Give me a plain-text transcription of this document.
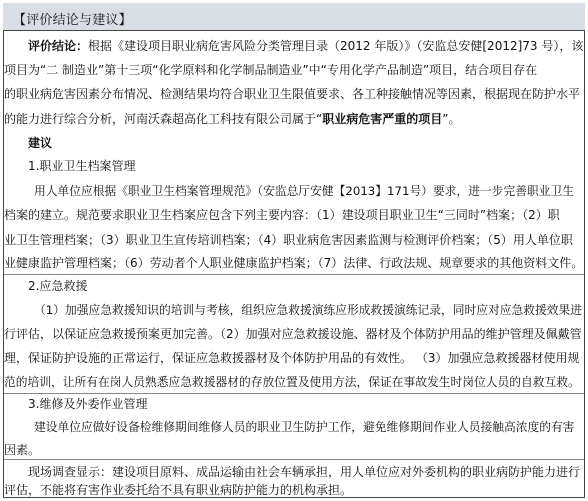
【评价结论与建议】
评价结论：根据《建设项目职业病危害风险分类管理目录（2012 年版）》（安监总安健[2012]73 号），该
项目为“二 制造业”第十三项“化学原料和化学制品制造业”中“专用化学产品制造”项目，结合项目存在
的职业病危害因素分布情况、检测结果均符合职业卫生限值要求、各工种接触情况等因素，根据现在防护水平
的能力进行综合分析，河南沃森超高化工科技有限公司属于“职业病危害严重的项目”。
建议
1.职业卫生档案管理
用人单位应根据《职业卫生档案管理规范》（安监总厅安健【2013】171号）要求，进一步完善职业卫生
档案的建立。规范要求职业卫生档案应包含下列主要内容：（1）建设项目职业卫生“三同时”档案；（2）职
业卫生管理档案；（3）职业卫生宣传培训档案；（4）职业病危害因素监测与检测评价档案；（5）用人单位职
业健康监护管理档案；（6）劳动者个人职业健康监护档案；（7）法律、行政法规、规章要求的其他资料文件。
2.应急救援
（1）加强应急救援知识的培训与考核，组织应急救援演练应形成救援演练记录，同时应对应急救援效果进
行评估，以保证应急救援预案更加完善。（2）加强对应急救援设施、器材及个体防护用品的维护管理及佩戴管
理，保证防护设施的正常运行，保证应急救援器材及个体防护用品的有效性。 （3）加强应急救援器材使用规
范的培训，让所有在岗人员熟悉应急救援器材的存放位置及使用方法，保证在事故发生时岗位人员的自救互救。
3.维修及外委作业管理
建设单位应做好设备检维修期间维修人员的职业卫生防护工作，避免维修期间作业人员接触高浓度的有害
因素。
现场调查显示：建设项目原料、成品运输由社会车辆承担，用人单位应对外委机构的职业病防护能力进行
评估，不能将有害作业委托给不具有职业病防护能力的机构承担。
